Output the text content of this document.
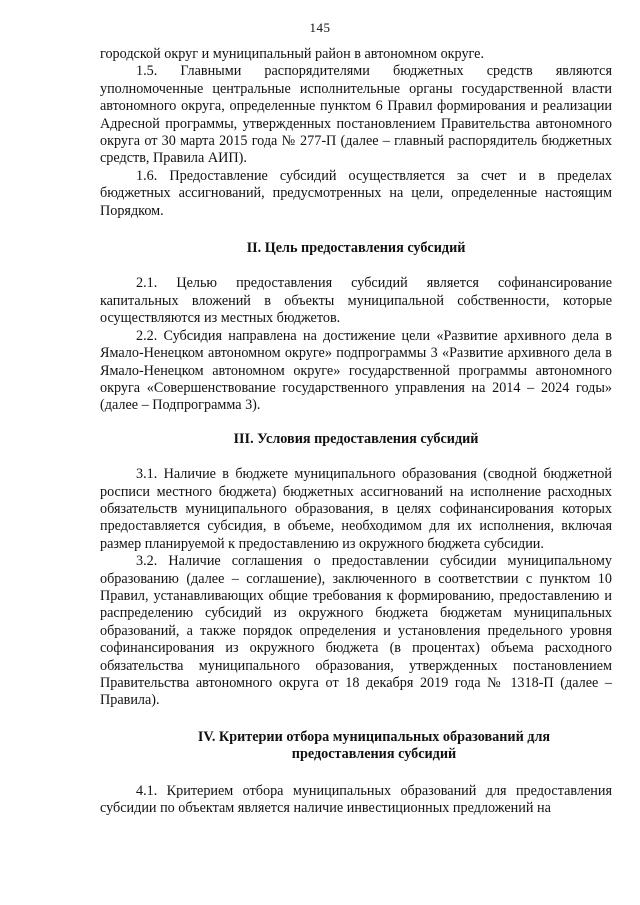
145

городской округ и муниципальный район в автономном округе.

1.5. Главными распорядителями бюджетных средств являются уполномоченные центральные исполнительные органы государственной власти автономного округа, определенные пунктом 6 Правил формирования и реализации Адресной программы, утвержденных постановлением Правительства автономного округа от 30 марта 2015 года № 277-П (далее – главный распорядитель бюджетных средств, Правила АИП).

1.6. Предоставление субсидий осуществляется за счет и в пределах бюджетных ассигнований, предусмотренных на цели, определенные настоящим Порядком.

II. Цель предоставления субсидий

2.1. Целью предоставления субсидий является софинансирование капитальных вложений в объекты муниципальной собственности, которые осуществляются из местных бюджетов.

2.2. Субсидия направлена на достижение цели «Развитие архивного дела в Ямало-Ненецком автономном округе» подпрограммы 3 «Развитие архивного дела в Ямало-Ненецком автономном округе» государственной программы автономного округа «Совершенствование государственного управления на 2014 – 2024 годы» (далее – Подпрограмма 3).

III. Условия предоставления субсидий

3.1. Наличие в бюджете муниципального образования (сводной бюджетной росписи местного бюджета) бюджетных ассигнований на исполнение расходных обязательств муниципального образования, в целях софинансирования которых предоставляется субсидия, в объеме, необходимом для их исполнения, включая размер планируемой к предоставлению из окружного бюджета субсидии.

3.2. Наличие соглашения о предоставлении субсидии муниципальному образованию (далее – соглашение), заключенного в соответствии с пунктом 10 Правил, устанавливающих общие требования к формированию, предоставлению и распределению субсидий из окружного бюджета бюджетам муниципальных образований, а также порядок определения и установления предельного уровня софинансирования из окружного бюджета (в процентах) объема расходного обязательства муниципального образования, утвержденных постановлением Правительства автономного округа от 18 декабря 2019 года № 1318-П (далее – Правила).

IV. Критерии отбора муниципальных образований для
предоставления субсидий

4.1. Критерием отбора муниципальных образований для предоставления субсидии по объектам является наличие инвестиционных предложений на
